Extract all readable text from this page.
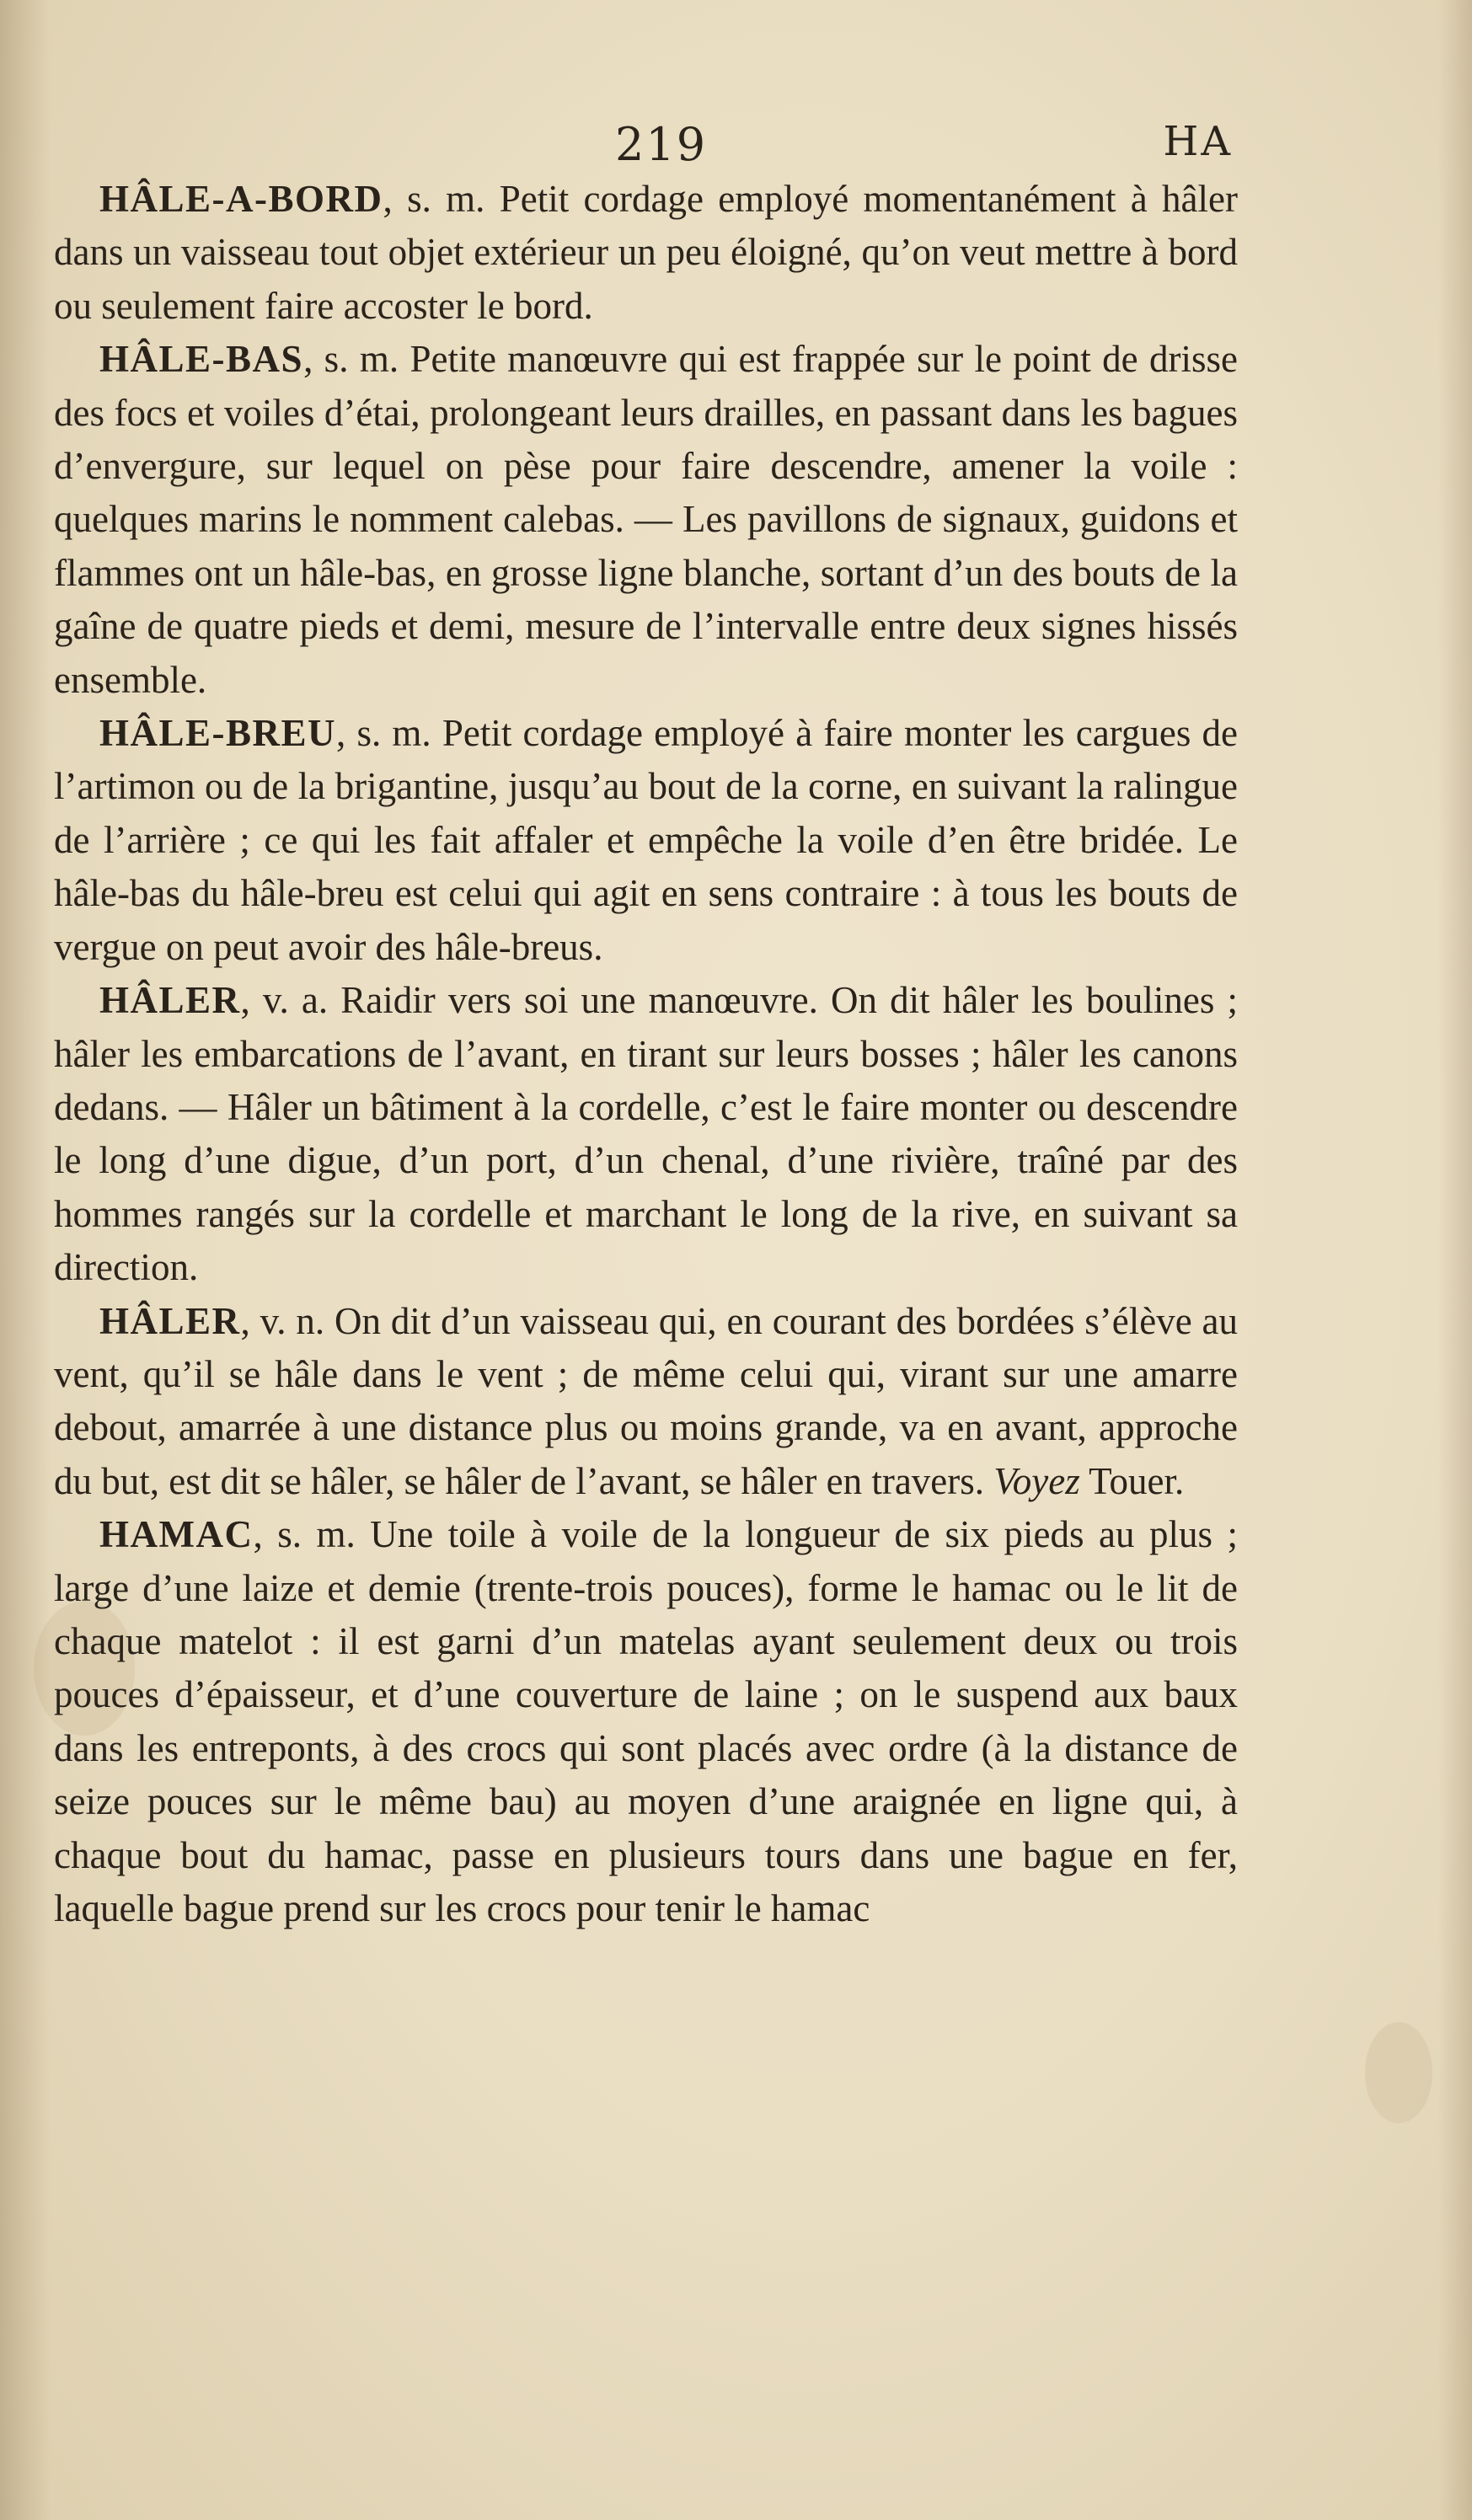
219	HA

HÂLE-A-BORD, s. m. Petit cordage employé momentanément à hâler dans un vaisseau tout objet extérieur un peu éloigné, qu’on veut mettre à bord ou seulement faire accoster le bord.

HÂLE-BAS, s. m. Petite manœuvre qui est frappée sur le point de drisse des focs et voiles d’étai, prolongeant leurs drailles, en passant dans les bagues d’envergure, sur lequel on pèse pour faire descendre, amener la voile : quelques marins le nomment calebas. — Les pavillons de signaux, guidons et flammes ont un hâle-bas, en grosse ligne blanche, sortant d’un des bouts de la gaîne de quatre pieds et demi, mesure de l’intervalle entre deux signes hissés ensemble.

HÂLE-BREU, s. m. Petit cordage employé à faire monter les cargues de l’artimon ou de la brigantine, jusqu’au bout de la corne, en suivant la ralingue de l’arrière ; ce qui les fait affaler et empêche la voile d’en être bridée. Le hâle-bas du hâle-breu est celui qui agit en sens contraire : à tous les bouts de vergue on peut avoir des hâle-breus.

HÂLER, v. a. Raidir vers soi une manœuvre. On dit hâler les boulines ; hâler les embarcations de l’avant, en tirant sur leurs bosses ; hâler les canons dedans. — Hâler un bâtiment à la cordelle, c’est le faire monter ou descendre le long d’une digue, d’un port, d’un chenal, d’une rivière, traîné par des hommes rangés sur la cordelle et marchant le long de la rive, en suivant sa direction.

HÂLER, v. n. On dit d’un vaisseau qui, en courant des bordées s’élève au vent, qu’il se hâle dans le vent ; de même celui qui, virant sur une amarre debout, amarrée à une distance plus ou moins grande, va en avant, approche du but, est dit se hâler, se hâler de l’avant, se hâler en travers. Voyez Touer.

HAMAC, s. m. Une toile à voile de la longueur de six pieds au plus ; large d’une laize et demie (trente-trois pouces), forme le hamac ou le lit de chaque matelot : il est garni d’un matelas ayant seulement deux ou trois pouces d’épaisseur, et d’une couverture de laine ; on le suspend aux baux dans les entreponts, à des crocs qui sont placés avec ordre (à la distance de seize pouces sur le même bau) au moyen d’une araignée en ligne qui, à chaque bout du hamac, passe en plusieurs tours dans une bague en fer, laquelle bague prend sur les crocs pour tenir le hamac
